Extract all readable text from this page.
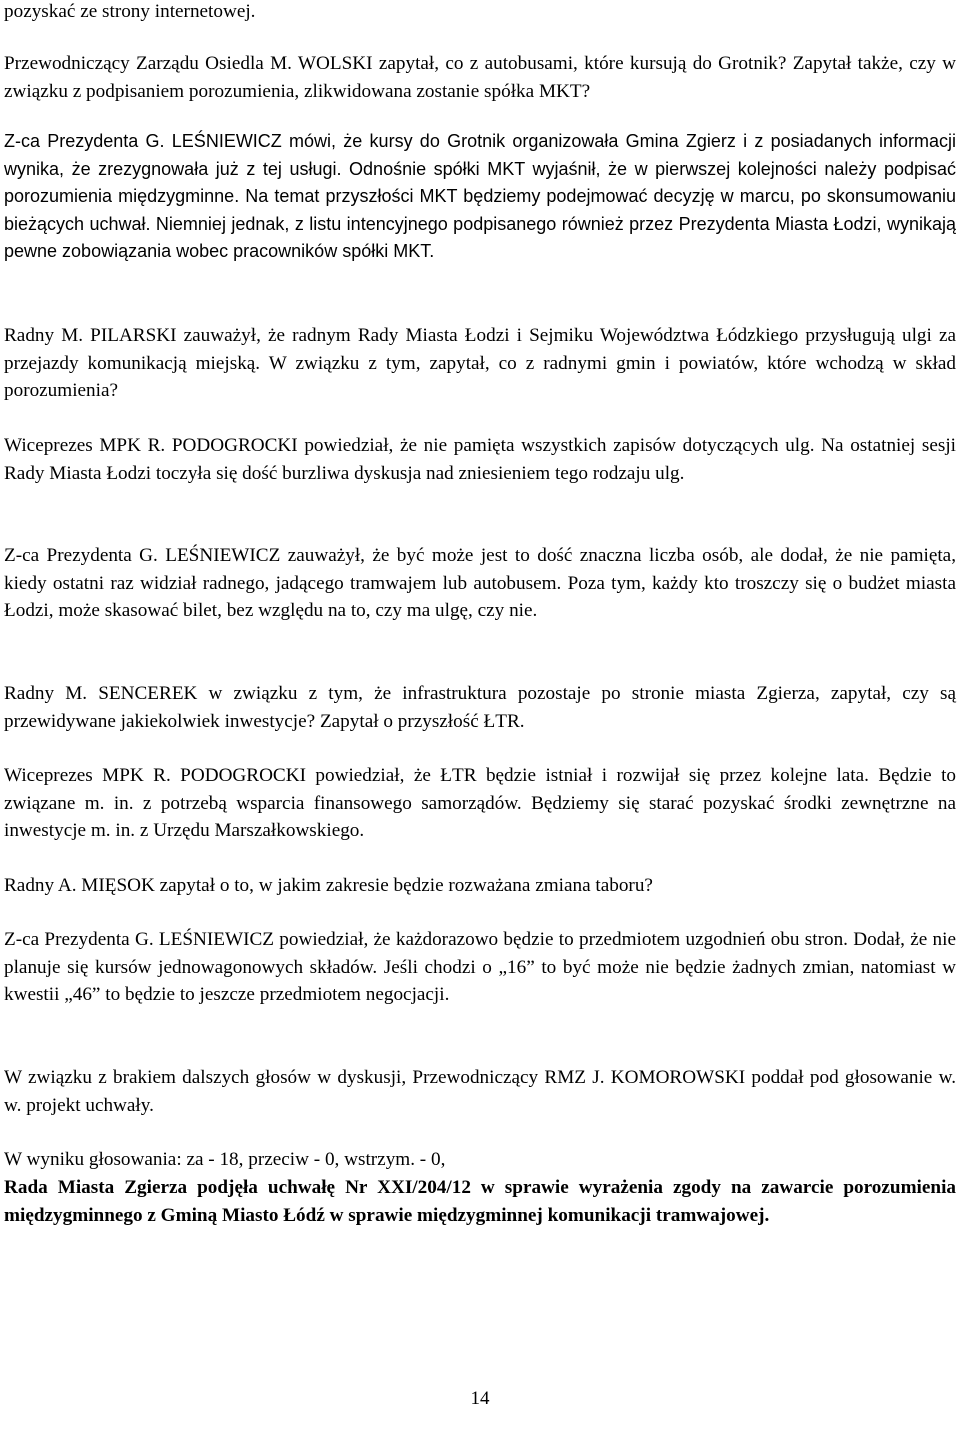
pozyskać ze strony internetowej.

Przewodniczący Zarządu Osiedla M. WOLSKI zapytał, co z autobusami, które kursują do Grotnik? Zapytał także, czy w związku z podpisaniem porozumienia, zlikwidowana zostanie spółka MKT?

Z-ca Prezydenta G. LEŚNIEWICZ mówi, że kursy do Grotnik organizowała Gmina Zgierz i z posiadanych informacji wynika, że zrezygnowała już z tej usługi. Odnośnie spółki MKT wyjaśnił, że w pierwszej kolejności należy podpisać porozumienia międzygminne. Na temat przyszłości MKT będziemy podejmować decyzję w marcu, po skonsumowaniu bieżących uchwał. Niemniej jednak, z listu intencyjnego podpisanego również przez Prezydenta Miasta Łodzi, wynikają pewne zobowiązania wobec pracowników spółki MKT.

Radny M. PILARSKI zauważył, że radnym Rady Miasta Łodzi i Sejmiku Województwa Łódzkiego przysługują ulgi za przejazdy komunikacją miejską. W związku z tym, zapytał, co z radnymi gmin i powiatów, które wchodzą w skład porozumienia?

Wiceprezes MPK R. PODOGROCKI powiedział, że nie pamięta wszystkich zapisów dotyczących ulg. Na ostatniej sesji Rady Miasta Łodzi toczyła się dość burzliwa dyskusja nad zniesieniem tego rodzaju ulg.

Z-ca Prezydenta G. LEŚNIEWICZ zauważył, że być może jest to dość znaczna liczba osób, ale dodał, że nie pamięta, kiedy ostatni raz widział radnego, jadącego tramwajem lub autobusem. Poza tym, każdy kto troszczy się o budżet miasta Łodzi, może skasować bilet, bez względu na to, czy ma ulgę, czy nie.

Radny M. SENCEREK w związku z tym, że infrastruktura pozostaje po stronie miasta Zgierza, zapytał, czy są przewidywane jakiekolwiek inwestycje? Zapytał o przyszłość ŁTR.

Wiceprezes MPK R. PODOGROCKI powiedział, że ŁTR będzie istniał i rozwijał się przez kolejne lata. Będzie to związane m. in. z potrzebą wsparcia finansowego samorządów. Będziemy się starać pozyskać środki zewnętrzne na inwestycje m. in. z Urzędu Marszałkowskiego.

Radny A. MIĘSOK zapytał o to, w jakim zakresie będzie rozważana zmiana taboru?

Z-ca Prezydenta G. LEŚNIEWICZ powiedział, że każdorazowo będzie to przedmiotem uzgodnień obu stron. Dodał, że nie planuje się kursów jednowagonowych składów. Jeśli chodzi o „16” to być może nie będzie żadnych zmian, natomiast w kwestii „46” to będzie to jeszcze przedmiotem negocjacji.

W związku z brakiem dalszych głosów w dyskusji, Przewodniczący RMZ J. KOMOROWSKI poddał pod głosowanie w. w. projekt uchwały.

W wyniku głosowania: za - 18, przeciw - 0, wstrzym. - 0,

Rada Miasta Zgierza podjęła uchwałę Nr XXI/204/12 w sprawie wyrażenia zgody na zawarcie porozumienia międzygminnego z Gminą Miasto Łódź w sprawie międzygminnej komunikacji tramwajowej.

14
